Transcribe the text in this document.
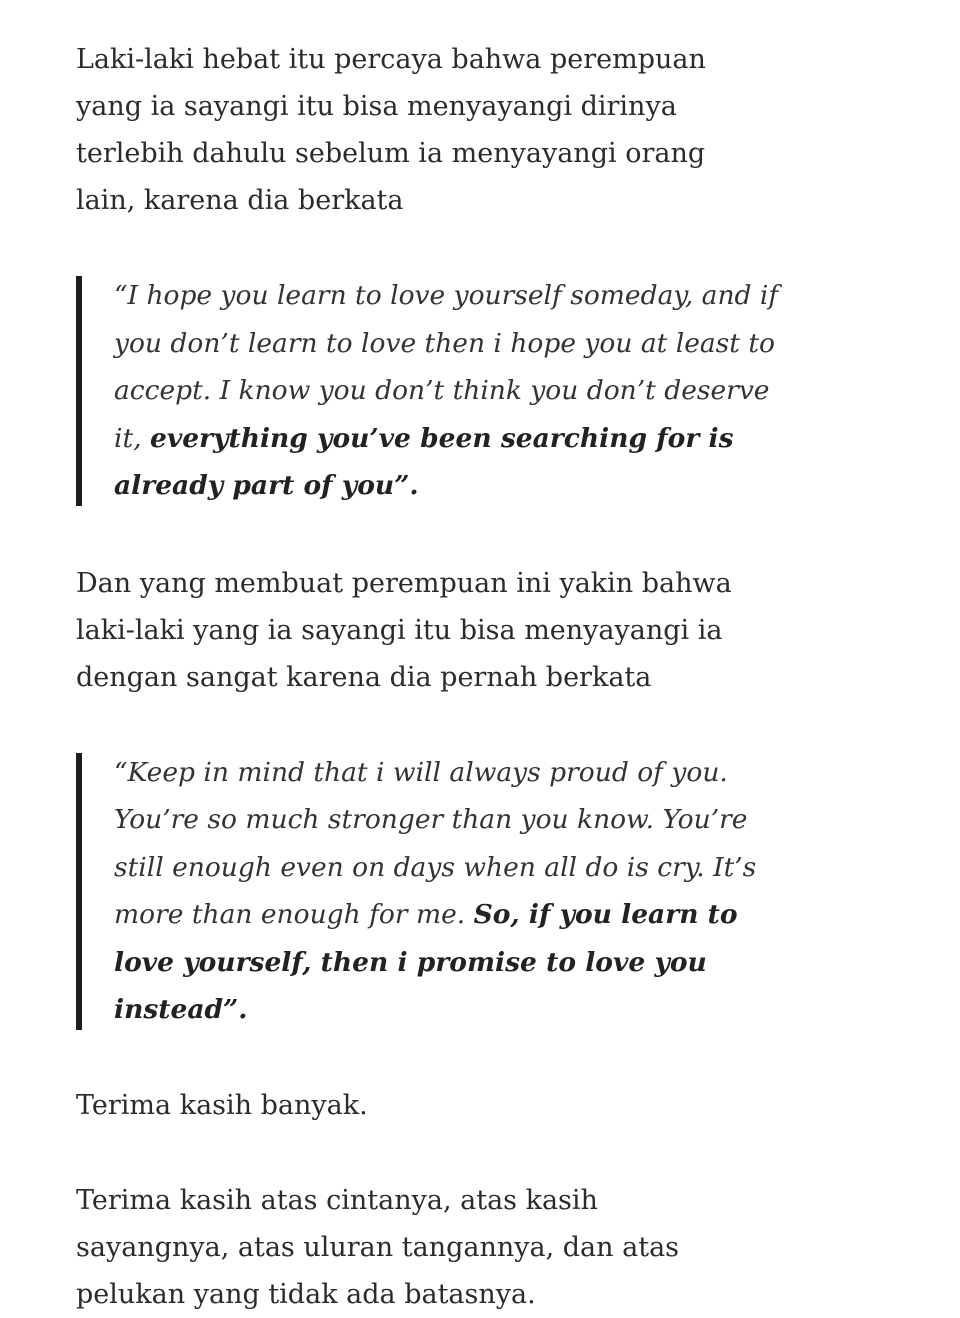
Laki-laki hebat itu percaya bahwa perempuan yang ia sayangi itu bisa menyayangi dirinya terlebih dahulu sebelum ia menyayangi orang lain, karena dia berkata

“I hope you learn to love yourself someday, and if you don’t learn to love then i hope you at least to accept. I know you don’t think you don’t deserve it, everything you’ve been searching for is already part of you”.

Dan yang membuat perempuan ini yakin bahwa laki-laki yang ia sayangi itu bisa menyayangi ia dengan sangat karena dia pernah berkata

“Keep in mind that i will always proud of you. You’re so much stronger than you know. You’re still enough even on days when all do is cry. It’s more than enough for me. So, if you learn to love yourself, then i promise to love you instead”.

Terima kasih banyak.

Terima kasih atas cintanya, atas kasih sayangnya, atas uluran tangannya, dan atas pelukan yang tidak ada batasnya.
